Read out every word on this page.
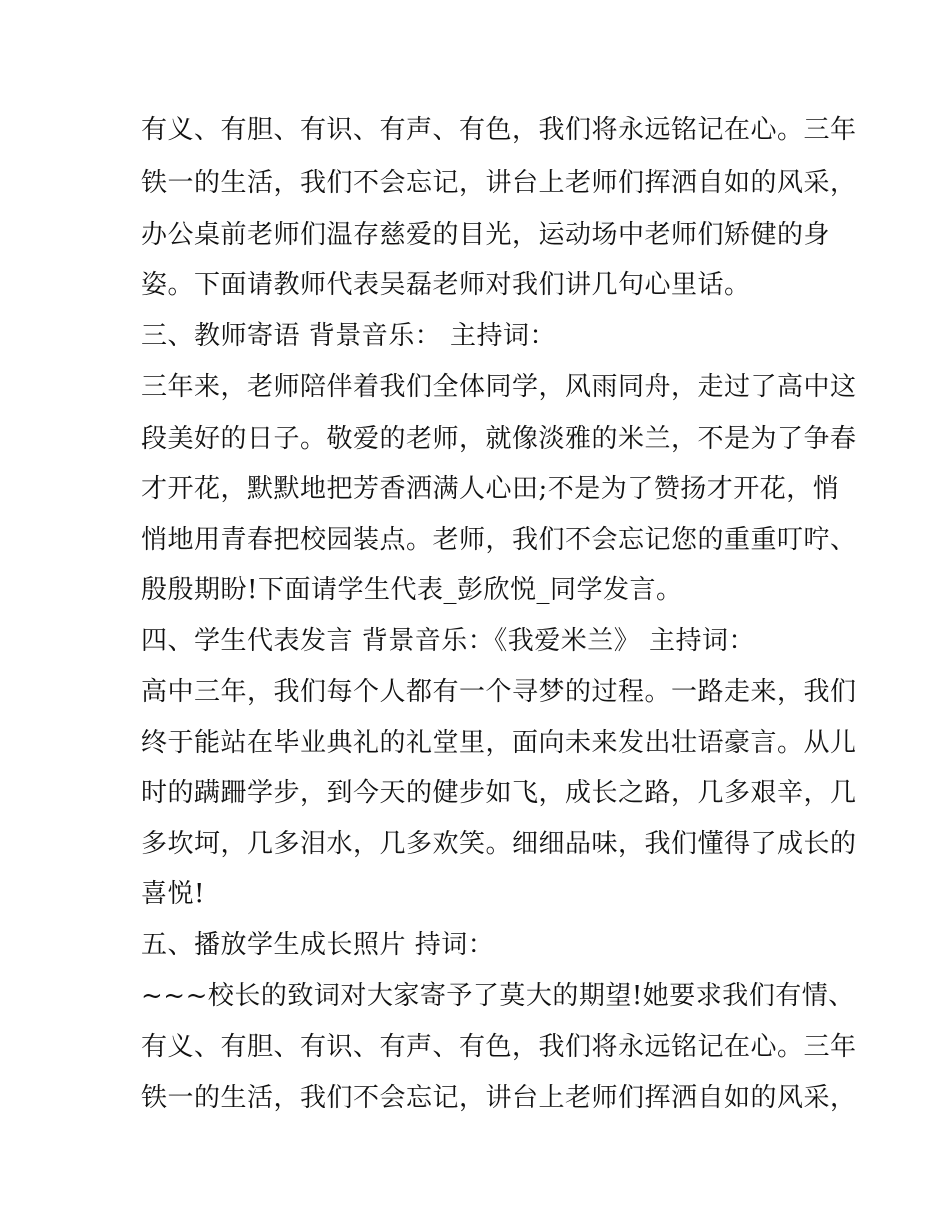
有义、有胆、有识、有声、有色，我们将永远铭记在心。三年
铁一的生活，我们不会忘记，讲台上老师们挥洒自如的风采，
办公桌前老师们温存慈爱的目光，运动场中老师们矫健的身
姿。下面请教师代表吴磊老师对我们讲几句心里话。
三、教师寄语 背景音乐： 主持词：
三年来，老师陪伴着我们全体同学，风雨同舟，走过了高中这
段美好的日子。敬爱的老师，就像淡雅的米兰，不是为了争春
才开花，默默地把芳香洒满人心田;不是为了赞扬才开花，悄
悄地用青春把校园装点。老师，我们不会忘记您的重重叮咛、
殷殷期盼!下面请学生代表_彭欣悦_同学发言。
四、学生代表发言 背景音乐：《我爱米兰》 主持词：
高中三年，我们每个人都有一个寻梦的过程。一路走来，我们
终于能站在毕业典礼的礼堂里，面向未来发出壮语豪言。从儿
时的蹒跚学步，到今天的健步如飞，成长之路，几多艰辛，几
多坎坷，几多泪水，几多欢笑。细细品味，我们懂得了成长的
喜悦!
五、播放学生成长照片 持词：
~~~校长的致词对大家寄予了莫大的期望!她要求我们有情、
有义、有胆、有识、有声、有色，我们将永远铭记在心。三年
铁一的生活，我们不会忘记，讲台上老师们挥洒自如的风采，
